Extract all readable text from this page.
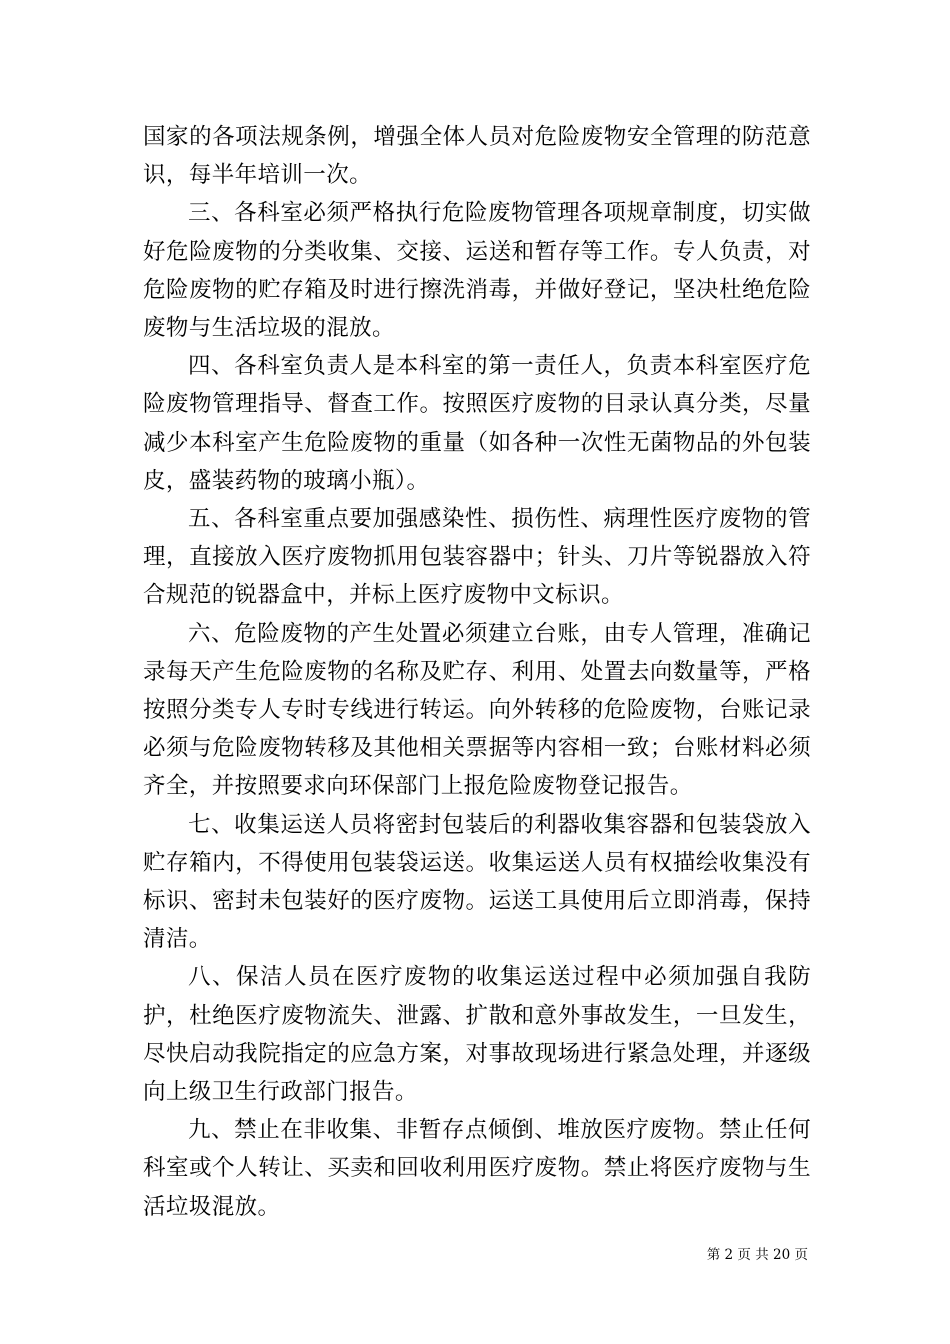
国家的各项法规条例，增强全体人员对危险废物安全管理的防范意识，每半年培训一次。

三、各科室必须严格执行危险废物管理各项规章制度，切实做好危险废物的分类收集、交接、运送和暂存等工作。专人负责，对危险废物的贮存箱及时进行擦洗消毒，并做好登记，坚决杜绝危险废物与生活垃圾的混放。

四、各科室负责人是本科室的第一责任人，负责本科室医疗危险废物管理指导、督查工作。按照医疗废物的目录认真分类，尽量减少本科室产生危险废物的重量（如各种一次性无菌物品的外包装皮，盛装药物的玻璃小瓶）。

五、各科室重点要加强感染性、损伤性、病理性医疗废物的管理，直接放入医疗废物抓用包装容器中；针头、刀片等锐器放入符合规范的锐器盒中，并标上医疗废物中文标识。

六、危险废物的产生处置必须建立台账，由专人管理，准确记录每天产生危险废物的名称及贮存、利用、处置去向数量等，严格按照分类专人专时专线进行转运。向外转移的危险废物，台账记录必须与危险废物转移及其他相关票据等内容相一致；台账材料必须齐全，并按照要求向环保部门上报危险废物登记报告。

七、收集运送人员将密封包装后的利器收集容器和包装袋放入贮存箱内，不得使用包装袋运送。收集运送人员有权描绘收集没有标识、密封未包装好的医疗废物。运送工具使用后立即消毒，保持清洁。

八、保洁人员在医疗废物的收集运送过程中必须加强自我防护，杜绝医疗废物流失、泄露、扩散和意外事故发生，一旦发生，尽快启动我院指定的应急方案，对事故现场进行紧急处理，并逐级向上级卫生行政部门报告。

九、禁止在非收集、非暂存点倾倒、堆放医疗废物。禁止任何科室或个人转让、买卖和回收利用医疗废物。禁止将医疗废物与生活垃圾混放。

第 2 页 共 20 页
